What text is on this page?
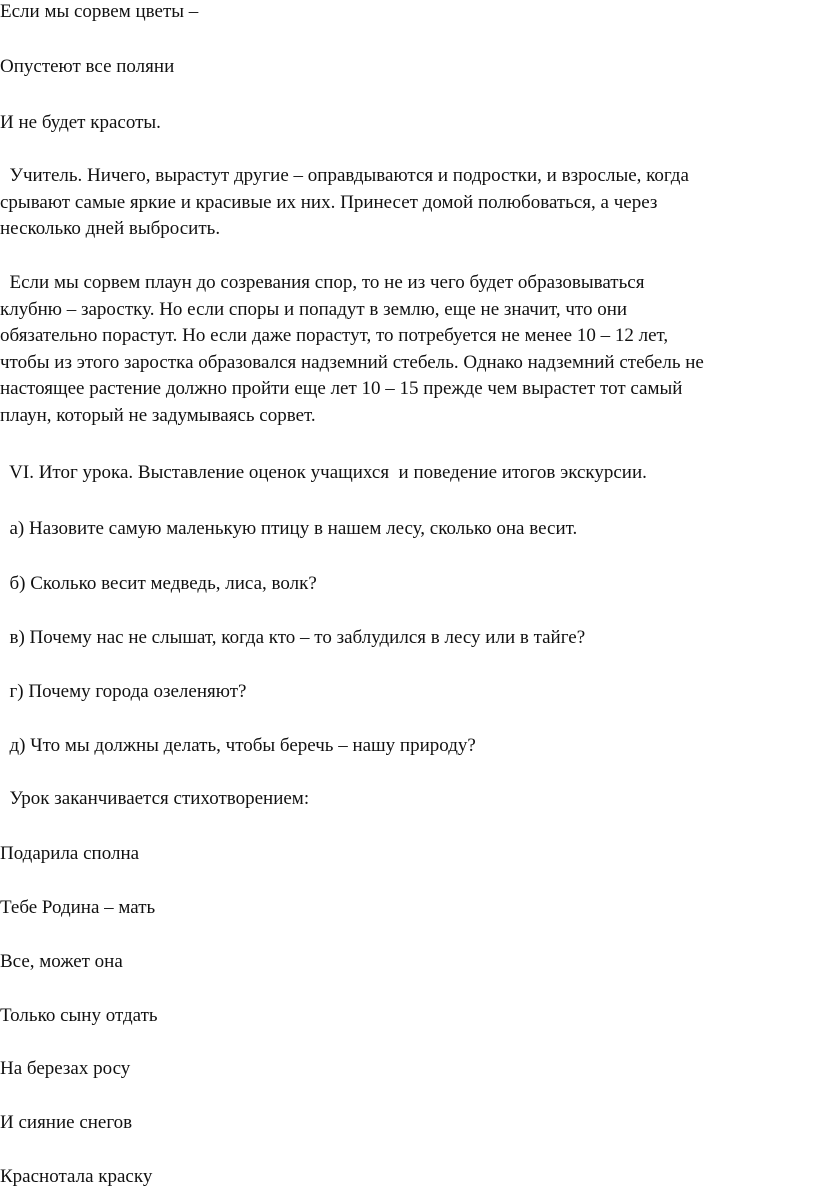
Если мы сорвем цветы –

Опустеют все поляни

И не будет красоты.

Учитель. Ничего, вырастут другие – оправдываются и подростки, и взрослые, когда
срывают самые яркие и красивые их них. Принесет домой полюбоваться, а через
несколько дней выбросить.
Если мы сорвем плаун до созревания спор, то не из чего будет образовываться
клубню – заростку. Но если споры и попадут в землю, еще не значит, что они
обязательно порастут. Но если даже порастут, то потребуется не менее 10 – 12 лет,
чтобы из этого заростка образовался надземний стебель. Однако надземний стебель не
настоящее растение должно пройти еще лет 10 – 15 прежде чем вырастет тот самый
плаун, который не задумываясь сорвет.

VI. Итог урока. Выставление оценок учащихся  и поведение итогов экскурсии.

а) Назовите самую маленькую птицу в нашем лесу, сколько она весит.

б) Сколько весит медведь, лиса, волк?

в) Почему нас не слышат, когда кто – то заблудился в лесу или в тайге?

г) Почему города озеленяют?

д) Что мы должны делать, чтобы беречь – нашу природу?

Урок заканчивается стихотворением:

Подарила сполна

Тебе Родина – мать

Все, может она

Только сыну отдать

На березах росу

И сияние снегов

Краснотала краску
